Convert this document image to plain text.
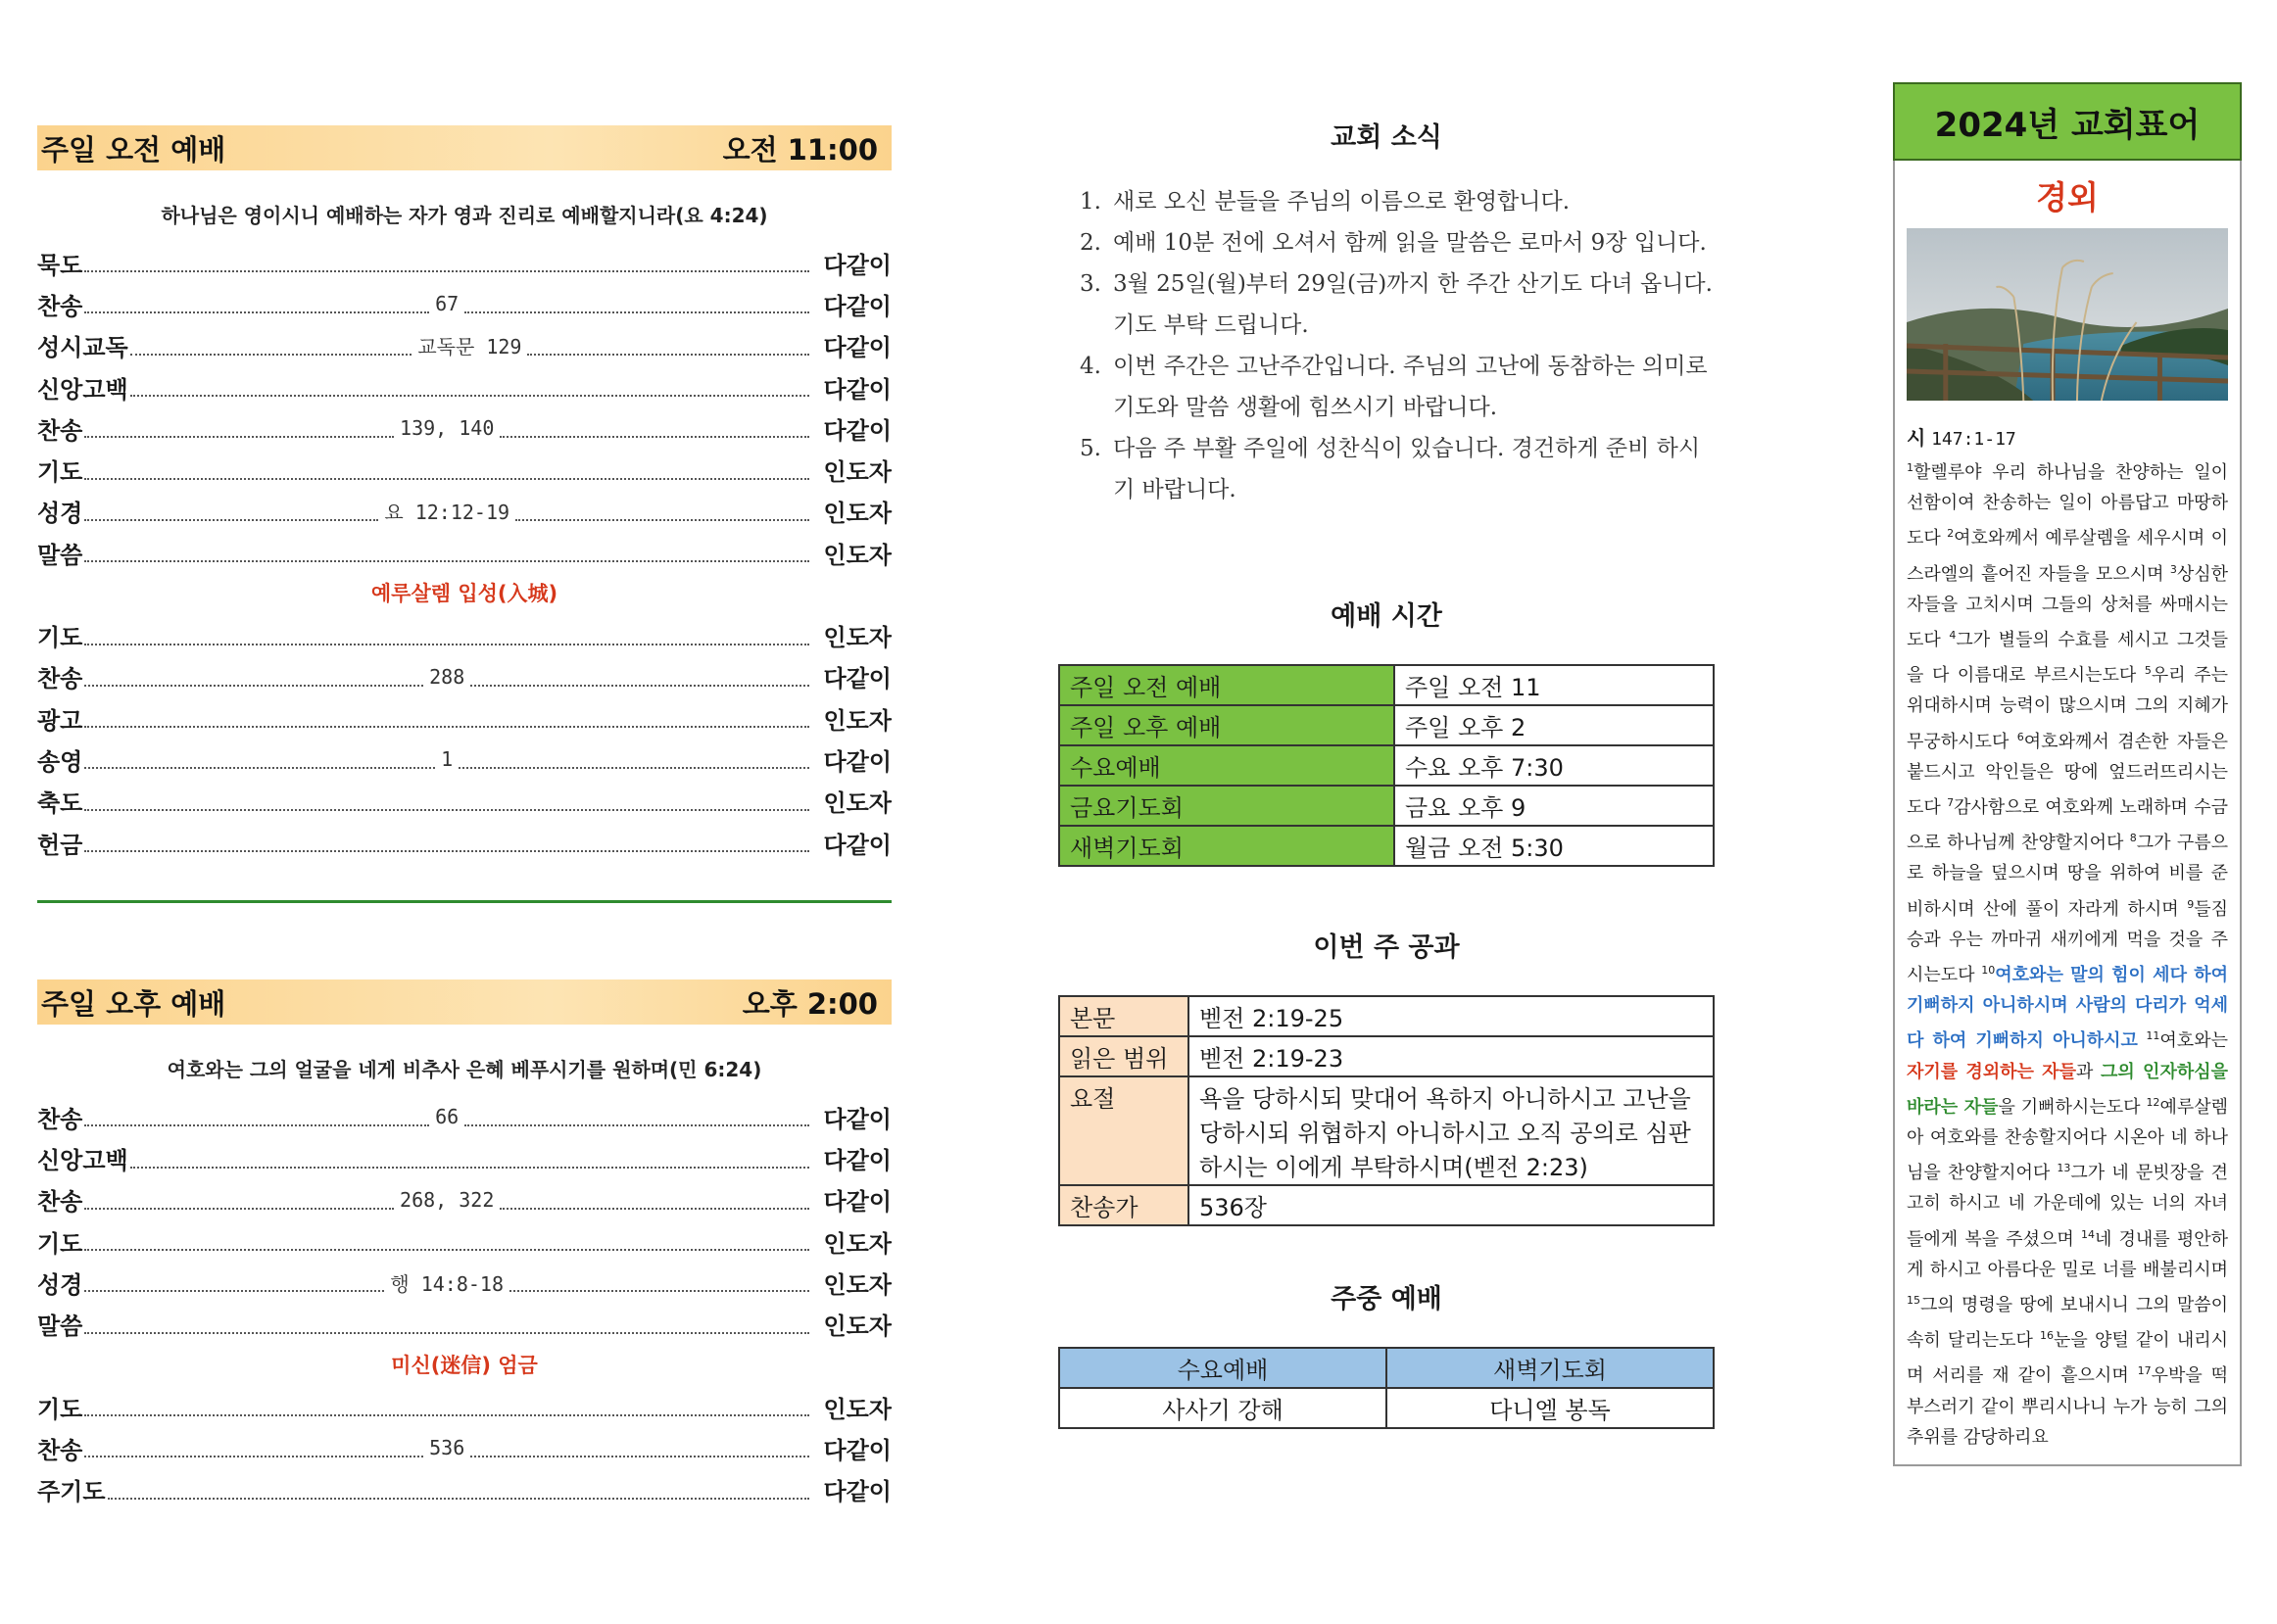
주일 오전 예배	오전 11:00
하나님은 영이시니 예배하는 자가 영과 진리로 예배할지니라(요 4:24)
묵도	다같이
찬송	67	다같이
성시교독	교독문 129	다같이
신앙고백	다같이
찬송	139, 140	다같이
기도	인도자
성경	요 12:12-19	인도자
말씀	인도자
예루살렘 입성(入城)
기도	인도자
찬송	288	다같이
광고	인도자
송영	1	다같이
축도	인도자
헌금	다같이
주일 오후 예배	오후 2:00
여호와는 그의 얼굴을 네게 비추사 은혜 베푸시기를 원하며(민 6:24)
찬송	66	다같이
신앙고백	다같이
찬송	268, 322	다같이
기도	인도자
성경	행 14:8-18	인도자
말씀	인도자
미신(迷信) 엄금
기도	인도자
찬송	536	다같이
주기도	다같이
교회 소식
1. 새로 오신 분들을 주님의 이름으로 환영합니다.
2. 예배 10분 전에 오셔서 함께 읽을 말씀은 로마서 9장 입니다.
3. 3월 25일(월)부터 29일(금)까지 한 주간 산기도 다녀 옵니다. 기도 부탁 드립니다.
4. 이번 주간은 고난주간입니다. 주님의 고난에 동참하는 의미로 기도와 말씀 생활에 힘쓰시기 바랍니다.
5. 다음 주 부활 주일에 성찬식이 있습니다. 경건하게 준비 하시기 바랍니다.
예배 시간
주일 오전 예배	주일 오전 11
주일 오후 예배	주일 오후 2
수요예배	수요 오후 7:30
금요기도회	금요 오후 9
새벽기도회	월금 오전 5:30
이번 주 공과
본문	벧전 2:19-25
읽은 범위	벧전 2:19-23
요절	욕을 당하시되 맞대어 욕하지 아니하시고 고난을 당하시되 위협하지 아니하시고 오직 공의로 심판하시는 이에게 부탁하시며(벧전 2:23)
찬송가	536장
주중 예배
수요예배	새벽기도회
사사기 강해	다니엘 봉독
2024년 교회표어
경외
시 147:1-17
$^1$할렐루야 우리 하나님을 찬양하는 일이 선함이여 찬송하는 일이 아름답고 마땅하도다 $^2$여호와께서 예루살렘을 세우시며 이스라엘의 흩어진 자들을 모으시며 $^3$상심한 자들을 고치시며 그들의 상처를 싸매시는도다 $^4$그가 별들의 수효를 세시고 그것들을 다 이름대로 부르시는도다 $^5$우리 주는 위대하시며 능력이 많으시며 그의 지혜가 무궁하시도다 $^6$여호와께서 겸손한 자들은 붙드시고 악인들은 땅에 엎드러뜨리시는도다 $^7$감사함으로 여호와께 노래하며 수금으로 하나님께 찬양할지어다 $^8$그가 구름으로 하늘을 덮으시며 땅을 위하여 비를 준비하시며 산에 풀이 자라게 하시며 $^9$들짐승과 우는 까마귀 새끼에게 먹을 것을 주시는도다 $^{10}$여호와는 말의 힘이 세다 하여 기뻐하지 아니하시며 사람의 다리가 억세다 하여 기뻐하지 아니하시고 $^{11}$여호와는 자기를 경외하는 자들과 그의 인자하심을 바라는 자들을 기뻐하시는도다 $^{12}$예루살렘아 여호와를 찬송할지어다 시온아 네 하나님을 찬양할지어다 $^{13}$그가 네 문빗장을 견고히 하시고 네 가운데에 있는 너의 자녀들에게 복을 주셨으며 $^{14}$네 경내를 평안하게 하시고 아름다운 밀로 너를 배불리시며 $^{15}$그의 명령을 땅에 보내시니 그의 말씀이 속히 달리는도다 $^{16}$눈을 양털 같이 내리시며 서리를 재 같이 흩으시며 $^{17}$우박을 떡 부스러기 같이 뿌리시나니 누가 능히 그의 추위를 감당하리요
